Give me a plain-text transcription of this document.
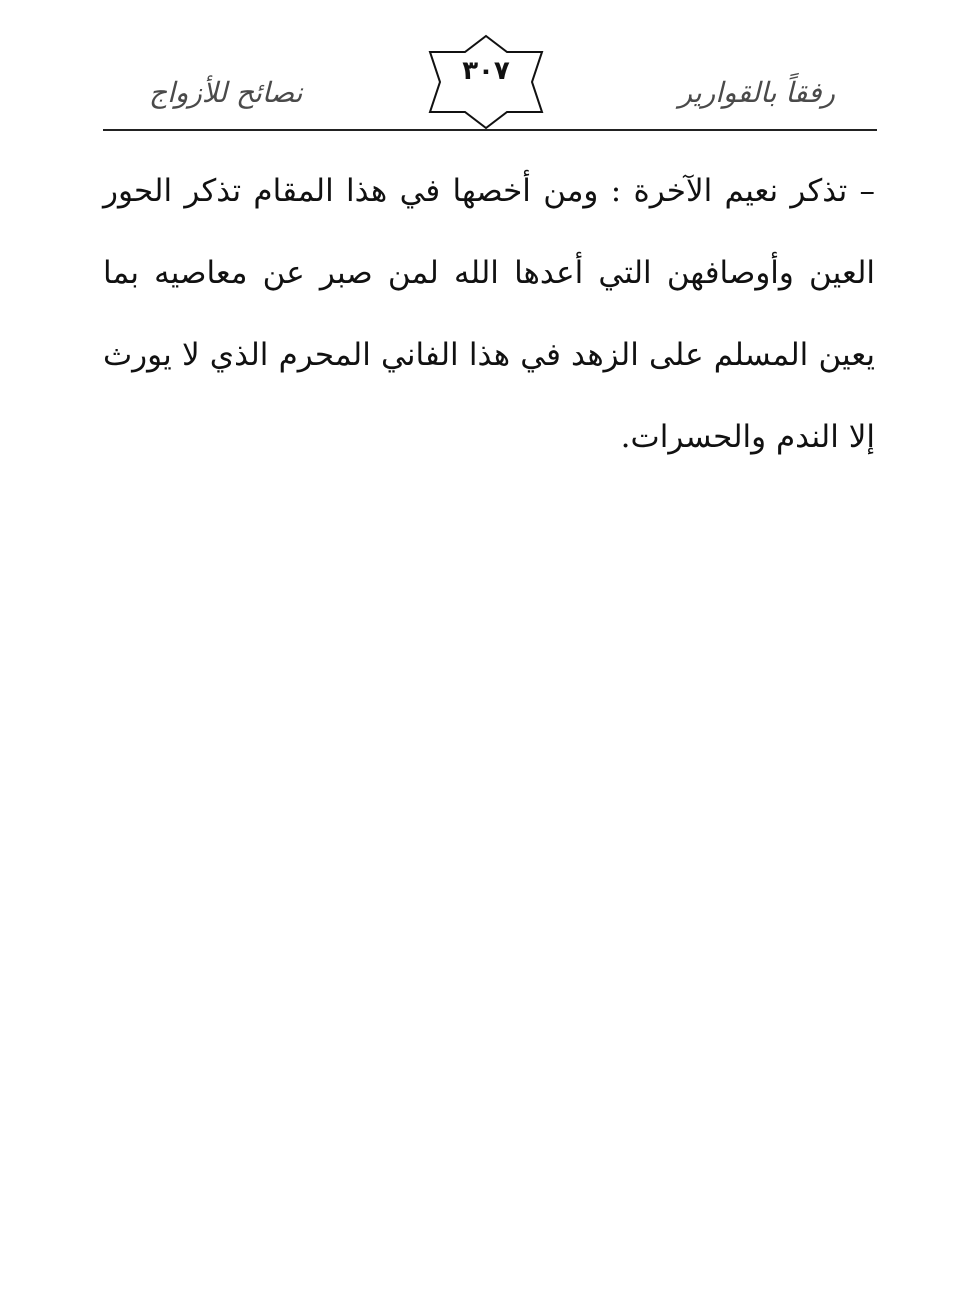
رفقاً بالقوارير
٣٠٧
نصائح للأزواج

– تذكر نعيم الآخرة : ومن أخصها في هذا المقام تذكر الحور العين وأوصافهن التي أعدها الله لمن صبر عن معاصيه بما يعين المسلم على الزهد في هذا الفاني المحرم الذي لا يورث إلا الندم والحسرات.
